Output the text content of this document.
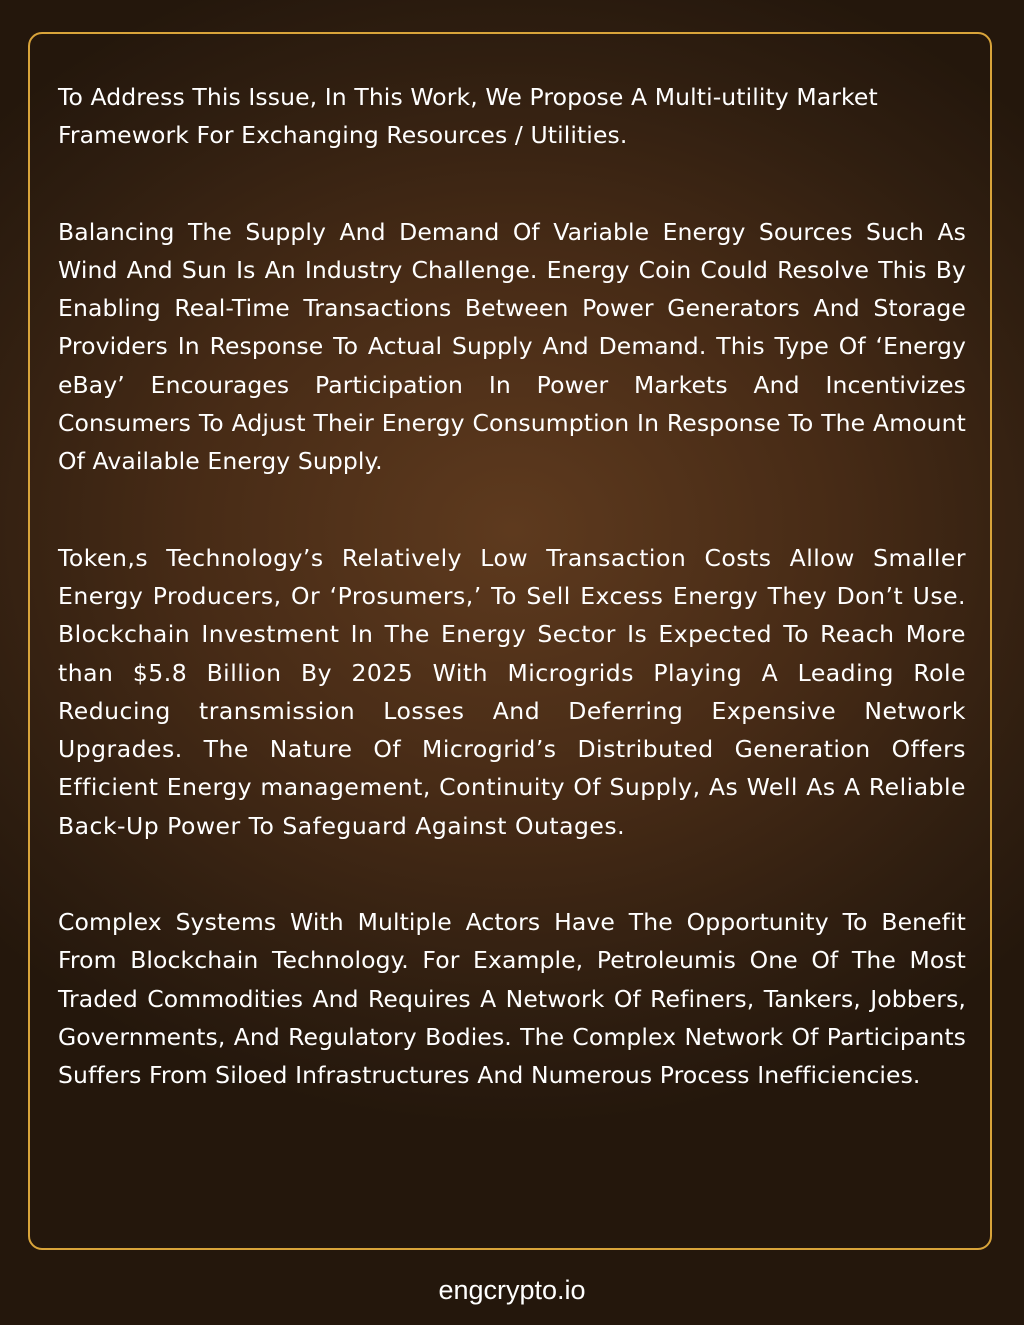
To Address This Issue, In This Work, We Propose A Multi-utility Market Framework For Exchanging Resources / Utilities.

Balancing The Supply And Demand Of Variable Energy Sources Such As Wind And Sun Is An Industry Challenge. Energy Coin Could Resolve This By Enabling Real-Time Transactions Between Power Generators And Storage Providers In Response To Actual Supply And Demand. This Type Of ‘Energy eBay’ Encourages Participation In Power Markets And Incentivizes Consumers To Adjust Their Energy Consumption In Response To The Amount Of Available Energy Supply.

Token,s Technology’s Relatively Low Transaction Costs Allow Smaller Energy Producers, Or ‘Prosumers,’ To Sell Excess Energy They Don’t Use. Blockchain Investment In The Energy Sector Is Expected To Reach More than $5.8 Billion By 2025 With Microgrids Playing A Leading Role Reducing transmission Losses And Deferring Expensive Network Upgrades. The Nature Of Microgrid’s Distributed Generation Offers Efficient Energy management, Continuity Of Supply, As Well As A Reliable Back-Up Power To Safeguard Against Outages.

Complex Systems With Multiple Actors Have The Opportunity To Benefit From Blockchain Technology. For Example, Petroleumis One Of The Most Traded Commodities And Requires A Network Of Refiners, Tankers, Jobbers, Governments, And Regulatory Bodies. The Complex Network Of Participants Suffers From Siloed Infrastructures And Numerous Process Inefficiencies.

engcrypto.io
